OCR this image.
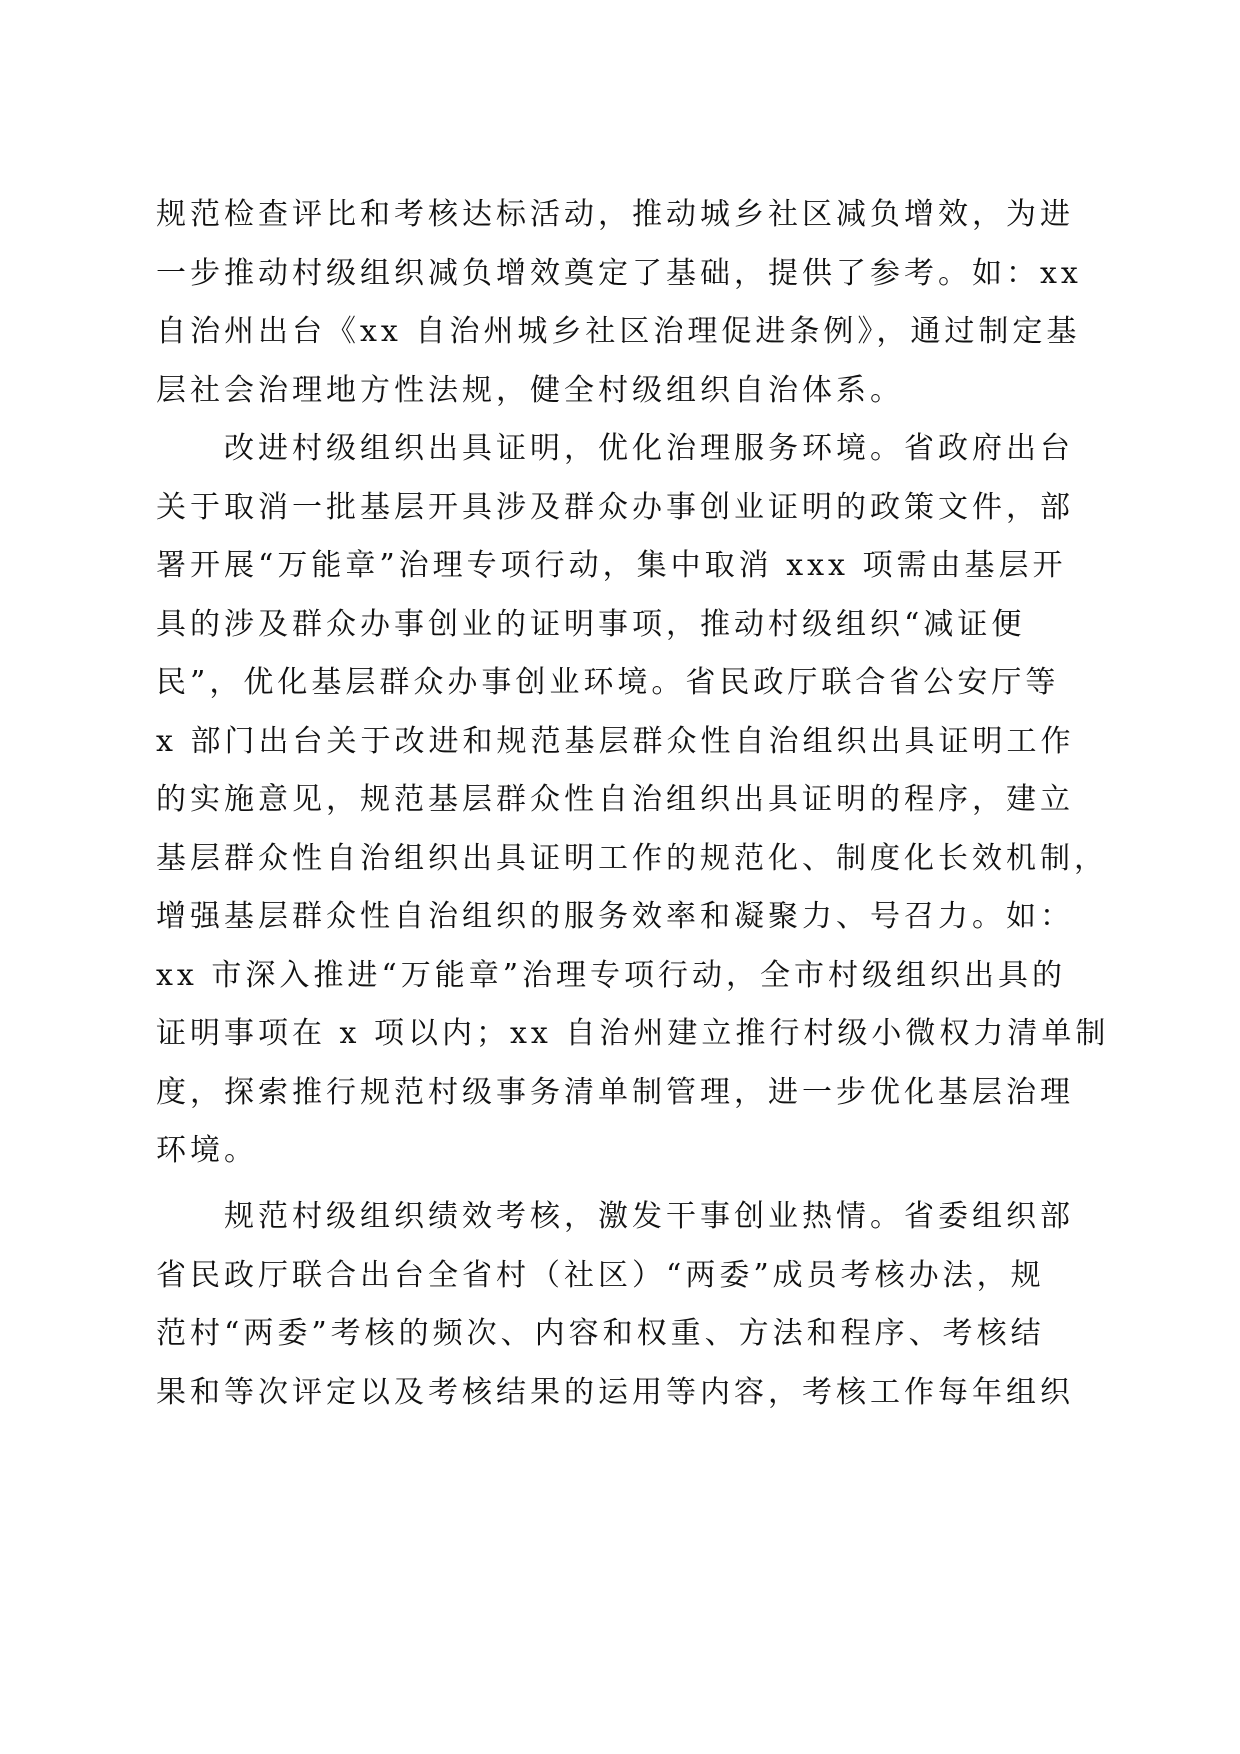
规范检查评比和考核达标活动，推动城乡社区减负增效，为进
一步推动村级组织减负增效奠定了基础，提供了参考。如：xx
自治州出台《xx 自治州城乡社区治理促进条例》，通过制定基
层社会治理地方性法规，健全村级组织自治体系。
改进村级组织出具证明，优化治理服务环境。省政府出台
关于取消一批基层开具涉及群众办事创业证明的政策文件，部
署开展“万能章”治理专项行动，集中取消 xxx 项需由基层开
具的涉及群众办事创业的证明事项，推动村级组织“减证便
民”，优化基层群众办事创业环境。省民政厅联合省公安厅等
x 部门出台关于改进和规范基层群众性自治组织出具证明工作
的实施意见，规范基层群众性自治组织出具证明的程序，建立
基层群众性自治组织出具证明工作的规范化、制度化长效机制，
增强基层群众性自治组织的服务效率和凝聚力、号召力。如：
xx 市深入推进“万能章”治理专项行动，全市村级组织出具的
证明事项在 x 项以内；xx 自治州建立推行村级小微权力清单制
度，探索推行规范村级事务清单制管理，进一步优化基层治理
环境。
规范村级组织绩效考核，激发干事创业热情。省委组织部
省民政厅联合出台全省村（社区）“两委”成员考核办法，规
范村“两委”考核的频次、内容和权重、方法和程序、考核结
果和等次评定以及考核结果的运用等内容，考核工作每年组织
